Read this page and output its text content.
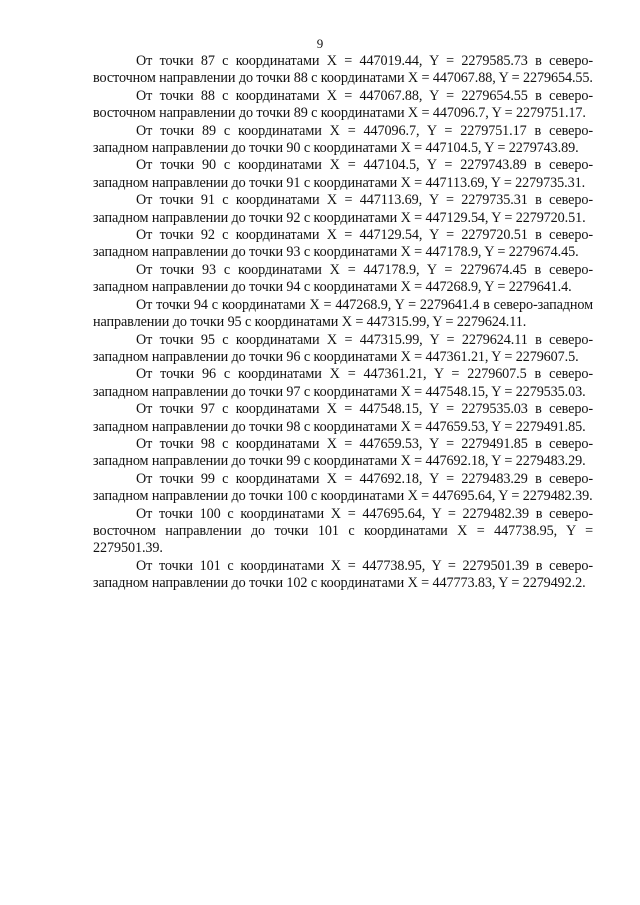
9

От точки 87 с координатами X = 447019.44, Y = 2279585.73 в северо-восточном направлении до точки 88 с координатами X = 447067.88, Y = 2279654.55.

От точки 88 с координатами X = 447067.88, Y = 2279654.55 в северо-восточном направлении до точки 89 с координатами X = 447096.7, Y = 2279751.17.

От точки 89 с координатами X = 447096.7, Y = 2279751.17 в северо-западном направлении до точки 90 с координатами X = 447104.5, Y = 2279743.89.

От точки 90 с координатами X = 447104.5, Y = 2279743.89 в северо-западном направлении до точки 91 с координатами X = 447113.69, Y = 2279735.31.

От точки 91 с координатами X = 447113.69, Y = 2279735.31 в северо-западном направлении до точки 92 с координатами X = 447129.54, Y = 2279720.51.

От точки 92 с координатами X = 447129.54, Y = 2279720.51 в северо-западном направлении до точки 93 с координатами X = 447178.9, Y = 2279674.45.

От точки 93 с координатами X = 447178.9, Y = 2279674.45 в северо-западном направлении до точки 94 с координатами X = 447268.9, Y = 2279641.4.

От точки 94 с координатами X = 447268.9, Y = 2279641.4 в северо-западном направлении до точки 95 с координатами X = 447315.99, Y = 2279624.11.

От точки 95 с координатами X = 447315.99, Y = 2279624.11 в северо-западном направлении до точки 96 с координатами X = 447361.21, Y = 2279607.5.

От точки 96 с координатами X = 447361.21, Y = 2279607.5 в северо-западном направлении до точки 97 с координатами X = 447548.15, Y = 2279535.03.

От точки 97 с координатами X = 447548.15, Y = 2279535.03 в северо-западном направлении до точки 98 с координатами X = 447659.53, Y = 2279491.85.

От точки 98 с координатами X = 447659.53, Y = 2279491.85 в северо-западном направлении до точки 99 с координатами X = 447692.18, Y = 2279483.29.

От точки 99 с координатами X = 447692.18, Y = 2279483.29 в северо-западном направлении до точки 100 с координатами X = 447695.64, Y = 2279482.39.

От точки 100 с координатами X = 447695.64, Y = 2279482.39 в северо-восточном направлении до точки 101 с координатами X = 447738.95, Y = 2279501.39.

От точки 101 с координатами X = 447738.95, Y = 2279501.39 в северо-западном направлении до точки 102 с координатами X = 447773.83, Y = 2279492.2.
